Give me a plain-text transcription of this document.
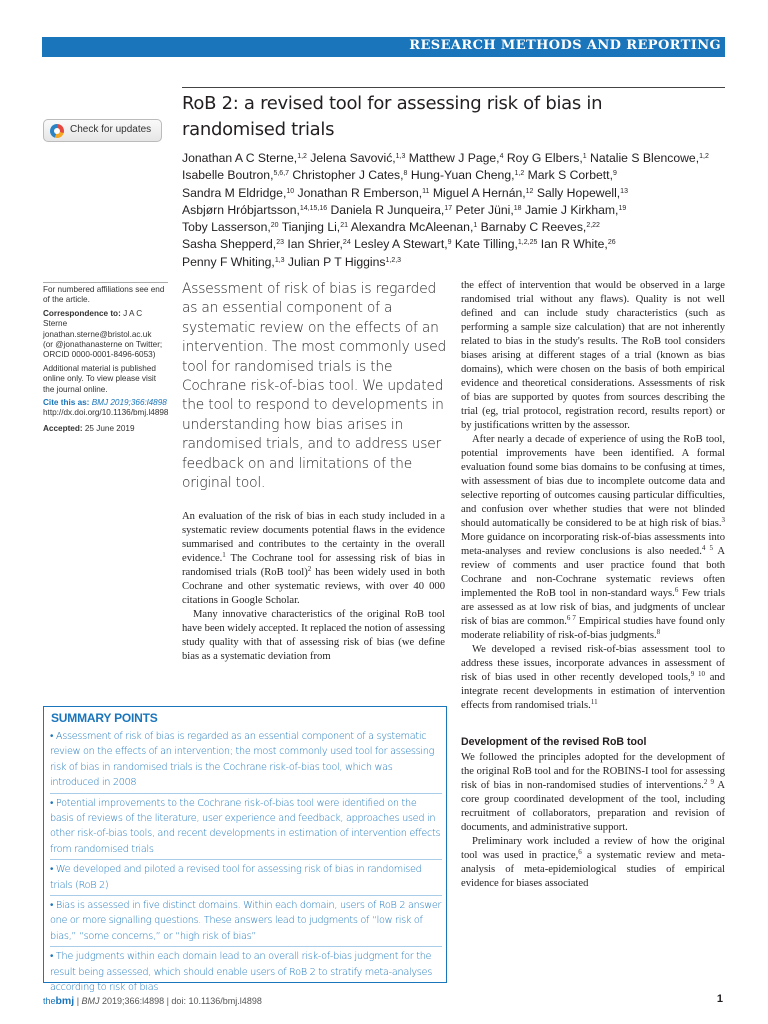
RESEARCH METHODS AND REPORTING
RoB 2: a revised tool for assessing risk of bias in
randomised trials
Check for updates
Jonathan A C Sterne,$^{1,2}$ Jelena Savović,$^{1,3}$ Matthew J Page,$^4$ Roy G Elbers,$^1$ Natalie S Blencowe,$^{1,2}$
Isabelle Boutron,$^{5,6,7}$ Christopher J Cates,$^8$ Hung-Yuan Cheng,$^{1,2}$ Mark S Corbett,$^9$
Sandra M Eldridge,$^{10}$ Jonathan R Emberson,$^{11}$ Miguel A Hernán,$^{12}$ Sally Hopewell,$^{13}$
Asbjørn Hróbjartsson,$^{14,15,16}$ Daniela R Junqueira,$^{17}$ Peter Jüni,$^{18}$ Jamie J Kirkham,$^{19}$
Toby Lasserson,$^{20}$ Tianjing Li,$^{21}$ Alexandra McAleenan,$^1$ Barnaby C Reeves,$^{2,22}$
Sasha Shepperd,$^{23}$ Ian Shrier,$^{24}$ Lesley A Stewart,$^9$ Kate Tilling,$^{1,2,25}$ Ian R White,$^{26}$
Penny F Whiting,$^{1,3}$ Julian P T Higgins$^{1,2,3}$
For numbered affiliations see end of the article.
Correspondence to: J A C Sterne
jonathan.sterne@bristol.ac.uk
(or @jonathanasterne on Twitter;
ORCID 0000-0001-8496-6053)
Additional material is published online only. To view please visit the journal online.
Cite this as: BMJ 2019;366:l4898
http://dx.doi.org/10.1136/bmj.l4898
Accepted: 25 June 2019
Assessment of risk of bias is regarded as an essential component of a systematic review on the effects of an intervention. The most commonly used tool for randomised trials is the Cochrane risk-of-bias tool. We updated the tool to respond to developments in understanding how bias arises in randomised trials, and to address user feedback on and limitations of the original tool.

An evaluation of the risk of bias in each study included in a systematic review documents potential flaws in the evidence summarised and contributes to the certainty in the overall evidence.$^1$ The Cochrane tool for assessing risk of bias in randomised trials (RoB tool)$^2$ has been widely used in both Cochrane and other systematic reviews, with over 40 000 citations in Google Scholar.

Many innovative characteristics of the original RoB tool have been widely accepted. It replaced the notion of assessing study quality with that of assessing risk of bias (we define bias as a systematic deviation from

the effect of intervention that would be observed in a large randomised trial without any flaws). Quality is not well defined and can include study characteristics (such as performing a sample size calculation) that are not inherently related to bias in the study's results. The RoB tool considers biases arising at different stages of a trial (known as bias domains), which were chosen on the basis of both empirical evidence and theoretical considerations. Assessments of risk of bias are supported by quotes from sources describing the trial (eg, trial protocol, registration record, results report) or by justifications written by the assessor.

After nearly a decade of experience of using the RoB tool, potential improvements have been identified. A formal evaluation found some bias domains to be confusing at times, with assessment of bias due to incomplete outcome data and selective reporting of outcomes causing particular difficulties, and confusion over whether studies that were not blinded should automatically be considered to be at high risk of bias.$^3$ More guidance on incorporating risk-of-bias assessments into meta-analyses and review conclusions is also needed.$^{4 5}$ A review of comments and user practice found that both Cochrane and non-Cochrane systematic reviews often implemented the RoB tool in non-standard ways.$^6$ Few trials are assessed as at low risk of bias, and judgments of unclear risk of bias are common.$^{6 7}$ Empirical studies have found only moderate reliability of risk-of-bias judgments.$^8$

We developed a revised risk-of-bias assessment tool to address these issues, incorporate advances in assessment of risk of bias used in other recently developed tools,$^{9 10}$ and integrate recent developments in estimation of intervention effects from randomised trials.$^{11}$

Development of the revised RoB tool

We followed the principles adopted for the development of the original RoB tool and for the ROBINS-I tool for assessing risk of bias in non-randomised studies of interventions.$^{2 9}$ A core group coordinated development of the tool, including recruitment of collaborators, preparation and revision of documents, and administrative support.

Preliminary work included a review of how the original tool was used in practice,$^6$ a systematic review and meta-analysis of meta-epidemiological studies of empirical evidence for biases associated

SUMMARY POINTS
• Assessment of risk of bias is regarded as an essential component of a systematic review on the effects of an intervention; the most commonly used tool for assessing risk of bias in randomised trials is the Cochrane risk-of-bias tool, which was introduced in 2008
• Potential improvements to the Cochrane risk-of-bias tool were identified on the basis of reviews of the literature, user experience and feedback, approaches used in other risk-of-bias tools, and recent developments in estimation of intervention effects from randomised trials
• We developed and piloted a revised tool for assessing risk of bias in randomised trials (RoB 2)
• Bias is assessed in five distinct domains. Within each domain, users of RoB 2 answer one or more signalling questions. These answers lead to judgments of “low risk of bias,” “some concerns,” or “high risk of bias”
• The judgments within each domain lead to an overall risk-of-bias judgment for the result being assessed, which should enable users of RoB 2 to stratify meta-analyses according to risk of bias
thebmj | BMJ 2019;366:l4898 | doi: 10.1136/bmj.l4898	1
